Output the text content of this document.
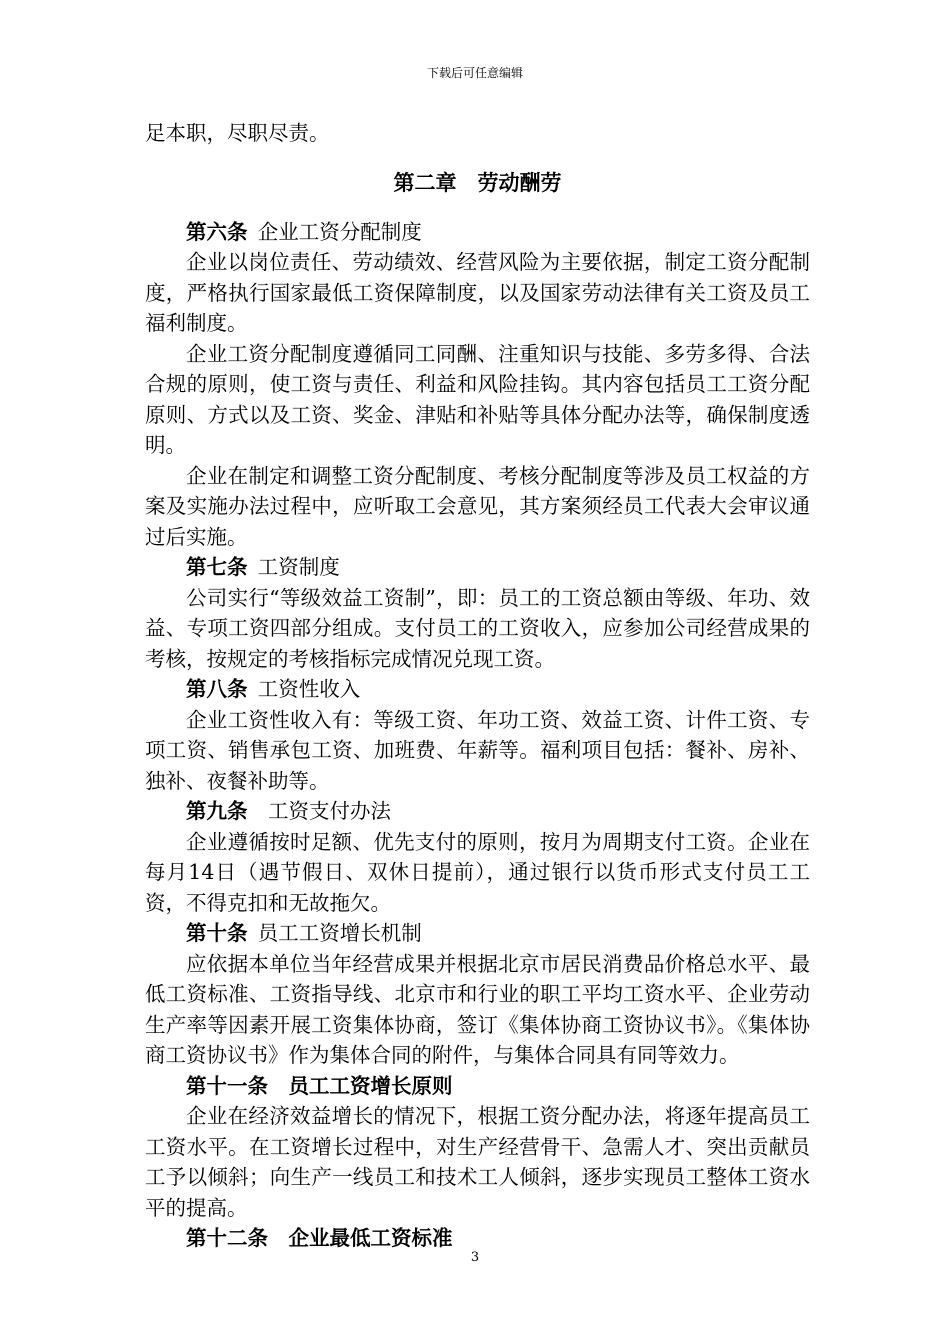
下载后可任意编辑

足本职，尽职尽责。

第二章　劳动酬劳

第六条 企业工资分配制度

企业以岗位责任、劳动绩效、经营风险为主要依据，制定工资分配制度，严格执行国家最低工资保障制度，以及国家劳动法律有关工资及员工福利制度。

企业工资分配制度遵循同工同酬、注重知识与技能、多劳多得、合法合规的原则，使工资与责任、利益和风险挂钩。其内容包括员工工资分配原则、方式以及工资、奖金、津贴和补贴等具体分配办法等，确保制度透明。

企业在制定和调整工资分配制度、考核分配制度等涉及员工权益的方案及实施办法过程中，应听取工会意见，其方案须经员工代表大会审议通过后实施。

第七条 工资制度

公司实行“等级效益工资制”，即：员工的工资总额由等级、年功、效益、专项工资四部分组成。支付员工的工资收入，应参加公司经营成果的考核，按规定的考核指标完成情况兑现工资。

第八条 工资性收入

企业工资性收入有：等级工资、年功工资、效益工资、计件工资、专项工资、销售承包工资、加班费、年薪等。福利项目包括：餐补、房补、独补、夜餐补助等。

第九条 工资支付办法

企业遵循按时足额、优先支付的原则，按月为周期支付工资。企业在每月14日（遇节假日、双休日提前），通过银行以货币形式支付员工工资，不得克扣和无故拖欠。

第十条 员工工资增长机制

应依据本单位当年经营成果并根据北京市居民消费品价格总水平、最低工资标准、工资指导线、北京市和行业的职工平均工资水平、企业劳动生产率等因素开展工资集体协商，签订《集体协商工资协议书》。《集体协商工资协议书》作为集体合同的附件，与集体合同具有同等效力。

第十一条 员工工资增长原则

企业在经济效益增长的情况下，根据工资分配办法，将逐年提高员工工资水平。在工资增长过程中，对生产经营骨干、急需人才、突出贡献员工予以倾斜；向生产一线员工和技术工人倾斜，逐步实现员工整体工资水平的提高。

第十二条 企业最低工资标准

3
